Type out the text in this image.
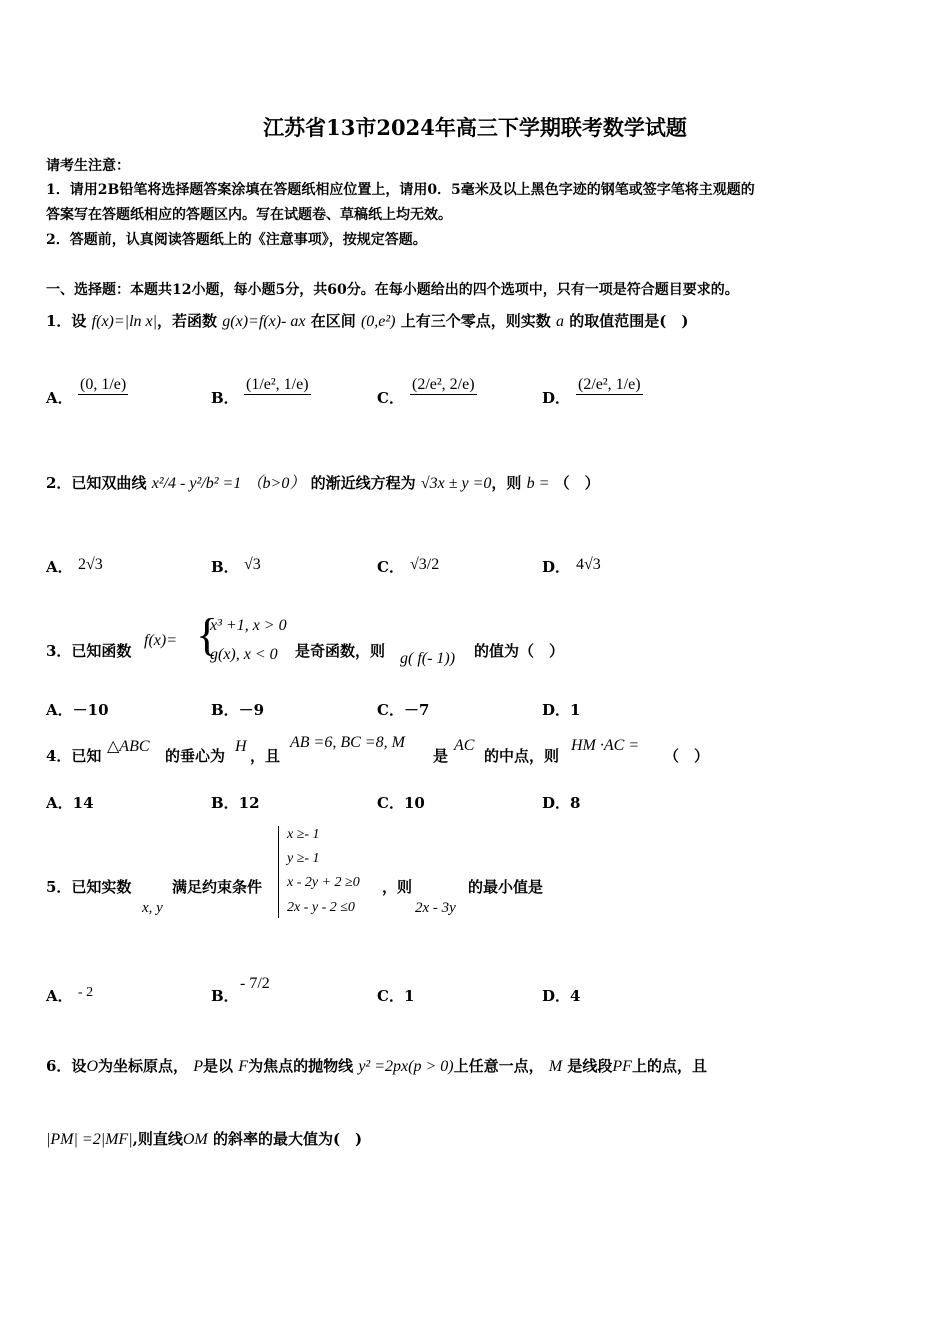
江苏省13市2024年高三下学期联考数学试题
请考生注意：
1．请用2B铅笔将选择题答案涂填在答题纸相应位置上，请用0．5毫米及以上黑色字迹的钢笔或签字笔将主观题的
答案写在答题纸相应的答题区内。写在试题卷、草稿纸上均无效。
2．答题前，认真阅读答题纸上的《注意事项》，按规定答题。
一、选择题：本题共12小题，每小题5分，共60分。在每小题给出的四个选项中，只有一项是符合题目要求的。
1．设 f(x)=|ln x|，若函数 g(x)=f(x)- ax 在区间 (0,e²) 上有三个零点，则实数 a 的取值范围是(　)
A．
(0, 1/e)
B．
(1/e², 1/e)
C．
(2/e², 2/e)
D．
(2/e², 1/e)
2．已知双曲线 x²/4 - y²/b² =1 （b>0） 的渐近线方程为 √3x ± y =0，则 b = （　）
A． 2√3	B． √3	C． √3/2	D． 4√3
3．已知函数
f(x)= {
x³ +1, x > 0
g(x), x < 0 是奇函数，则 g( f(- 1)) 的值为（　）
A．－10	B．－9	C．－7	D．1
4．已知
△ABC
的垂心为
H
，且
AB =6, BC =8, M
是
AC
的中点，则
HM ·AC =
（　）
A．14	B．12	C．10	D．8
5．已知实数	满足约束条件
x ≥- 1
y ≥- 1
x - 2y + 2 ≥0
2x - y - 2 ≤0
，则	的最小值是
x, y	2x - 3y
A． - 2	B．
- 7/2
C．1	D．4
6．设O为坐标原点， P是以 F为焦点的抛物线 y² =2px(p > 0)上任意一点， M 是线段PF上的点，且
|PM| =2|MF|,则直线OM 的斜率的最大值为(　)
